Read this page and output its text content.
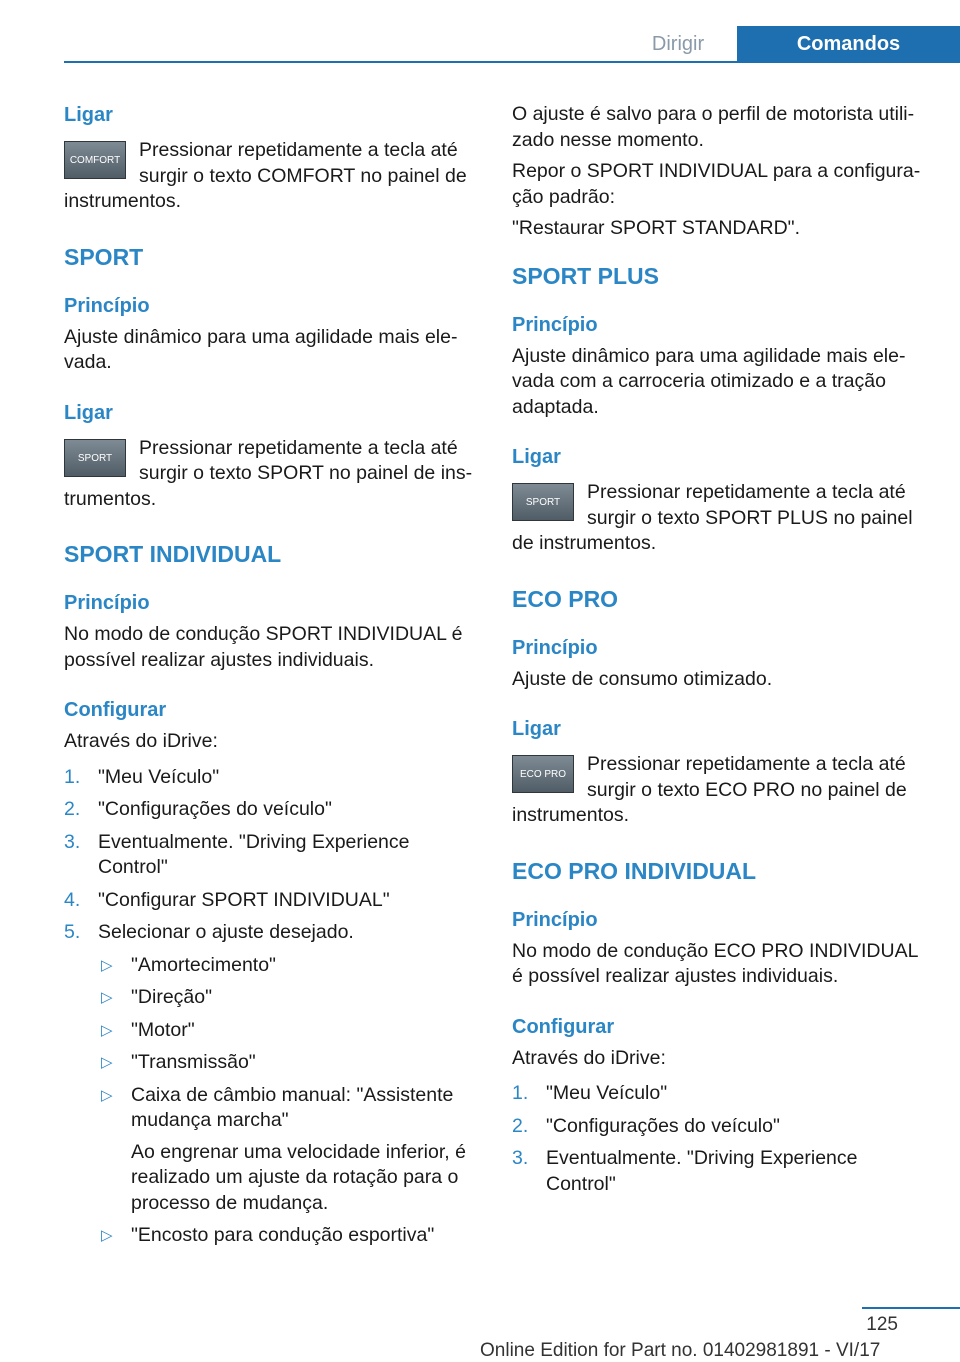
Dirigir	Comandos

Ligar

COMFORT Pressionar repetidamente a tecla até surgir o texto COMFORT no painel de instrumentos.

SPORT

Princípio

Ajuste dinâmico para uma agilidade mais elevada.

Ligar

SPORT	Pressionar repetidamente a tecla até surgir o texto SPORT no painel de instrumentos.

SPORT INDIVIDUAL

Princípio

No modo de condução SPORT INDIVIDUAL é possível realizar ajustes individuais.

Configurar

Através do iDrive:

1. "Meu Veículo"
2. "Configurações do veículo"
3. Eventualmente. "Driving Experience Control"
4. "Configurar SPORT INDIVIDUAL"
5. Selecionar o ajuste desejado.
▷ "Amortecimento"
▷ "Direção"
▷ "Motor"
▷ "Transmissão"
▷ Caixa de câmbio manual: "Assistente mudança marcha"
Ao engrenar uma velocidade inferior, é realizado um ajuste da rotação para o processo de mudança.
▷ "Encosto para condução esportiva"

O ajuste é salvo para o perfil de motorista utilizado nesse momento.

Repor o SPORT INDIVIDUAL para a configuração padrão:

"Restaurar SPORT STANDARD".

SPORT PLUS

Princípio

Ajuste dinâmico para uma agilidade mais elevada com a carroceria otimizado e a tração adaptada.

Ligar

SPORT	Pressionar repetidamente a tecla até surgir o texto SPORT PLUS no painel de instrumentos.

ECO PRO

Princípio

Ajuste de consumo otimizado.

Ligar

ECO PRO	Pressionar repetidamente a tecla até surgir o texto ECO PRO no painel de instrumentos.

ECO PRO INDIVIDUAL

Princípio

No modo de condução ECO PRO INDIVIDUAL é possível realizar ajustes individuais.

Configurar

Através do iDrive:

1. "Meu Veículo"
2. "Configurações do veículo"
3. Eventualmente. "Driving Experience Control"
125
Online Edition for Part no. 01402981891 - VI/17
